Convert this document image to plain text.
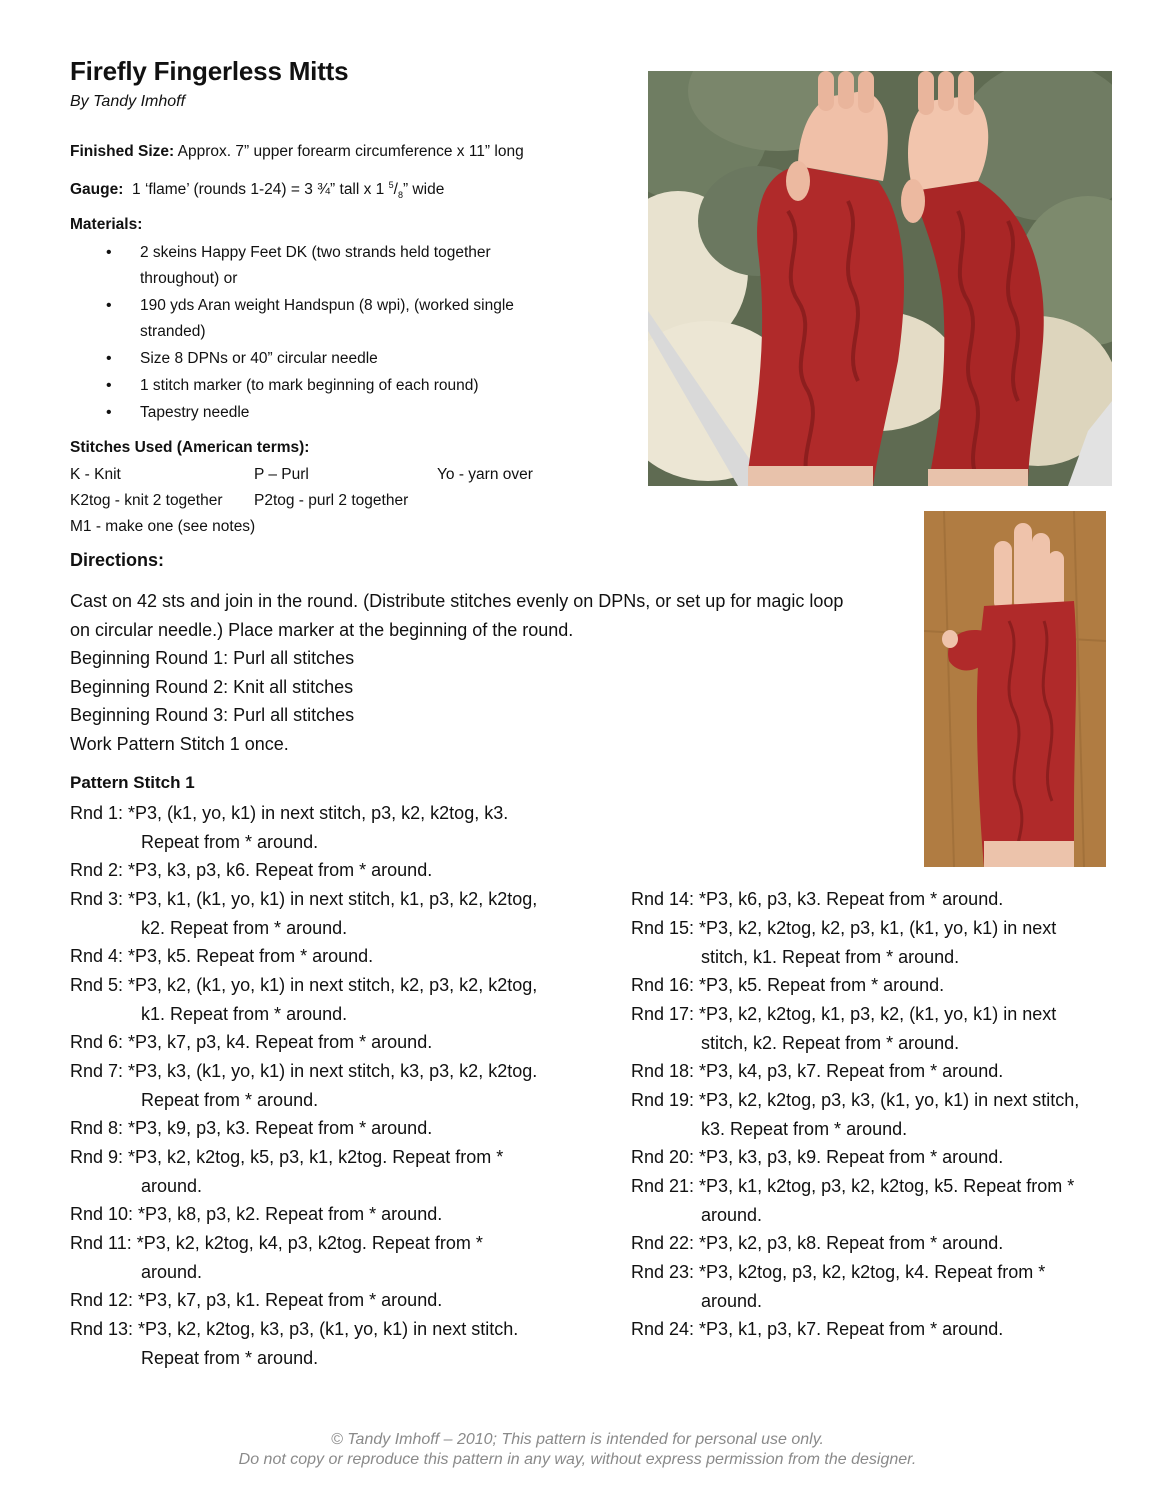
Firefly Fingerless Mitts
By Tandy Imhoff
Finished Size: Approx. 7” upper forearm circumference x 11” long
Gauge: 1 ‘flame’ (rounds 1-24) = 3 ¾” tall x 1 $^5/_8$” wide
Materials:
• 2 skeins Happy Feet DK (two strands held together throughout) or
• 190 yds Aran weight Handspun (8 wpi), (worked single stranded)
• Size 8 DPNs or 40” circular needle
• 1 stitch marker (to mark beginning of each round)
• Tapestry needle
Stitches Used (American terms):
K - Knit	P – Purl	Yo - yarn over
K2tog - knit 2 together P2tog - purl 2 together
M1 - make one (see notes)
Directions:
Cast on 42 sts and join in the round. (Distribute stitches evenly on DPNs, or set up for magic loop
on circular needle.) Place marker at the beginning of the round.
Beginning Round 1: Purl all stitches
Beginning Round 2: Knit all stitches
Beginning Round 3: Purl all stitches
Work Pattern Stitch 1 once.
Pattern Stitch 1
Rnd 1: *P3, (k1, yo, k1) in next stitch, p3, k2, k2tog, k3.
Repeat from * around.
Rnd 2: *P3, k3, p3, k6. Repeat from * around.
Rnd 3: *P3, k1, (k1, yo, k1) in next stitch, k1, p3, k2, k2tog,
k2. Repeat from * around.
Rnd 4: *P3, k5. Repeat from * around.
Rnd 5: *P3, k2, (k1, yo, k1) in next stitch, k2, p3, k2, k2tog,
k1. Repeat from * around.
Rnd 6: *P3, k7, p3, k4. Repeat from * around.
Rnd 7: *P3, k3, (k1, yo, k1) in next stitch, k3, p3, k2, k2tog.
Repeat from * around.
Rnd 8: *P3, k9, p3, k3. Repeat from * around.
Rnd 9: *P3, k2, k2tog, k5, p3, k1, k2tog. Repeat from *
around.
Rnd 10: *P3, k8, p3, k2. Repeat from * around.
Rnd 11: *P3, k2, k2tog, k4, p3, k2tog. Repeat from *
around.
Rnd 12: *P3, k7, p3, k1. Repeat from * around.
Rnd 13: *P3, k2, k2tog, k3, p3, (k1, yo, k1) in next stitch.
Repeat from * around.
Rnd 14: *P3, k6, p3, k3. Repeat from * around.
Rnd 15: *P3, k2, k2tog, k2, p3, k1, (k1, yo, k1) in next
stitch, k1. Repeat from * around.
Rnd 16: *P3, k5. Repeat from * around.
Rnd 17: *P3, k2, k2tog, k1, p3, k2, (k1, yo, k1) in next
stitch, k2. Repeat from * around.
Rnd 18: *P3, k4, p3, k7. Repeat from * around.
Rnd 19: *P3, k2, k2tog, p3, k3, (k1, yo, k1) in next stitch,
k3. Repeat from * around.
Rnd 20: *P3, k3, p3, k9. Repeat from * around.
Rnd 21: *P3, k1, k2tog, p3, k2, k2tog, k5. Repeat from *
around.
Rnd 22: *P3, k2, p3, k8. Repeat from * around.
Rnd 23: *P3, k2tog, p3, k2, k2tog, k4. Repeat from *
around.
Rnd 24: *P3, k1, p3, k7. Repeat from * around.
© Tandy Imhoff – 2010; This pattern is intended for personal use only.
Do not copy or reproduce this pattern in any way, without express permission from the designer.
